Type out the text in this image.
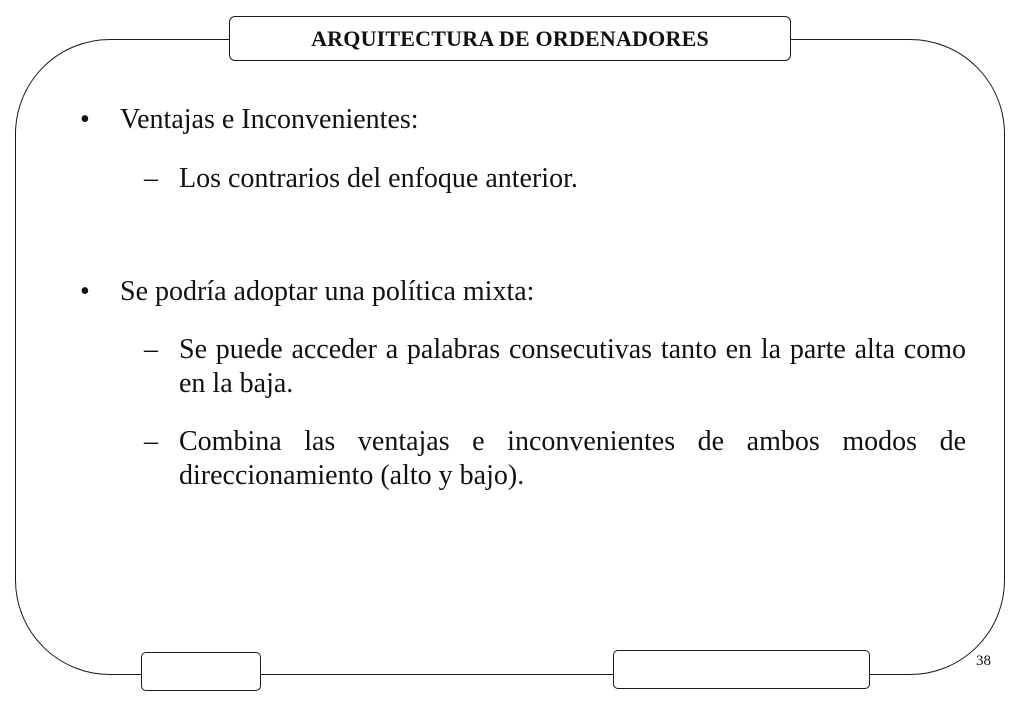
ARQUITECTURA DE ORDENADORES
•	Ventajas e Inconvenientes:
– Los contrarios del enfoque anterior.
•	Se podría adoptar una política mixta:
– Se puede acceder a palabras consecutivas tanto en la parte alta como en la baja.
– Combina las ventajas e inconvenientes de ambos modos de direccionamiento (alto y bajo).
38
